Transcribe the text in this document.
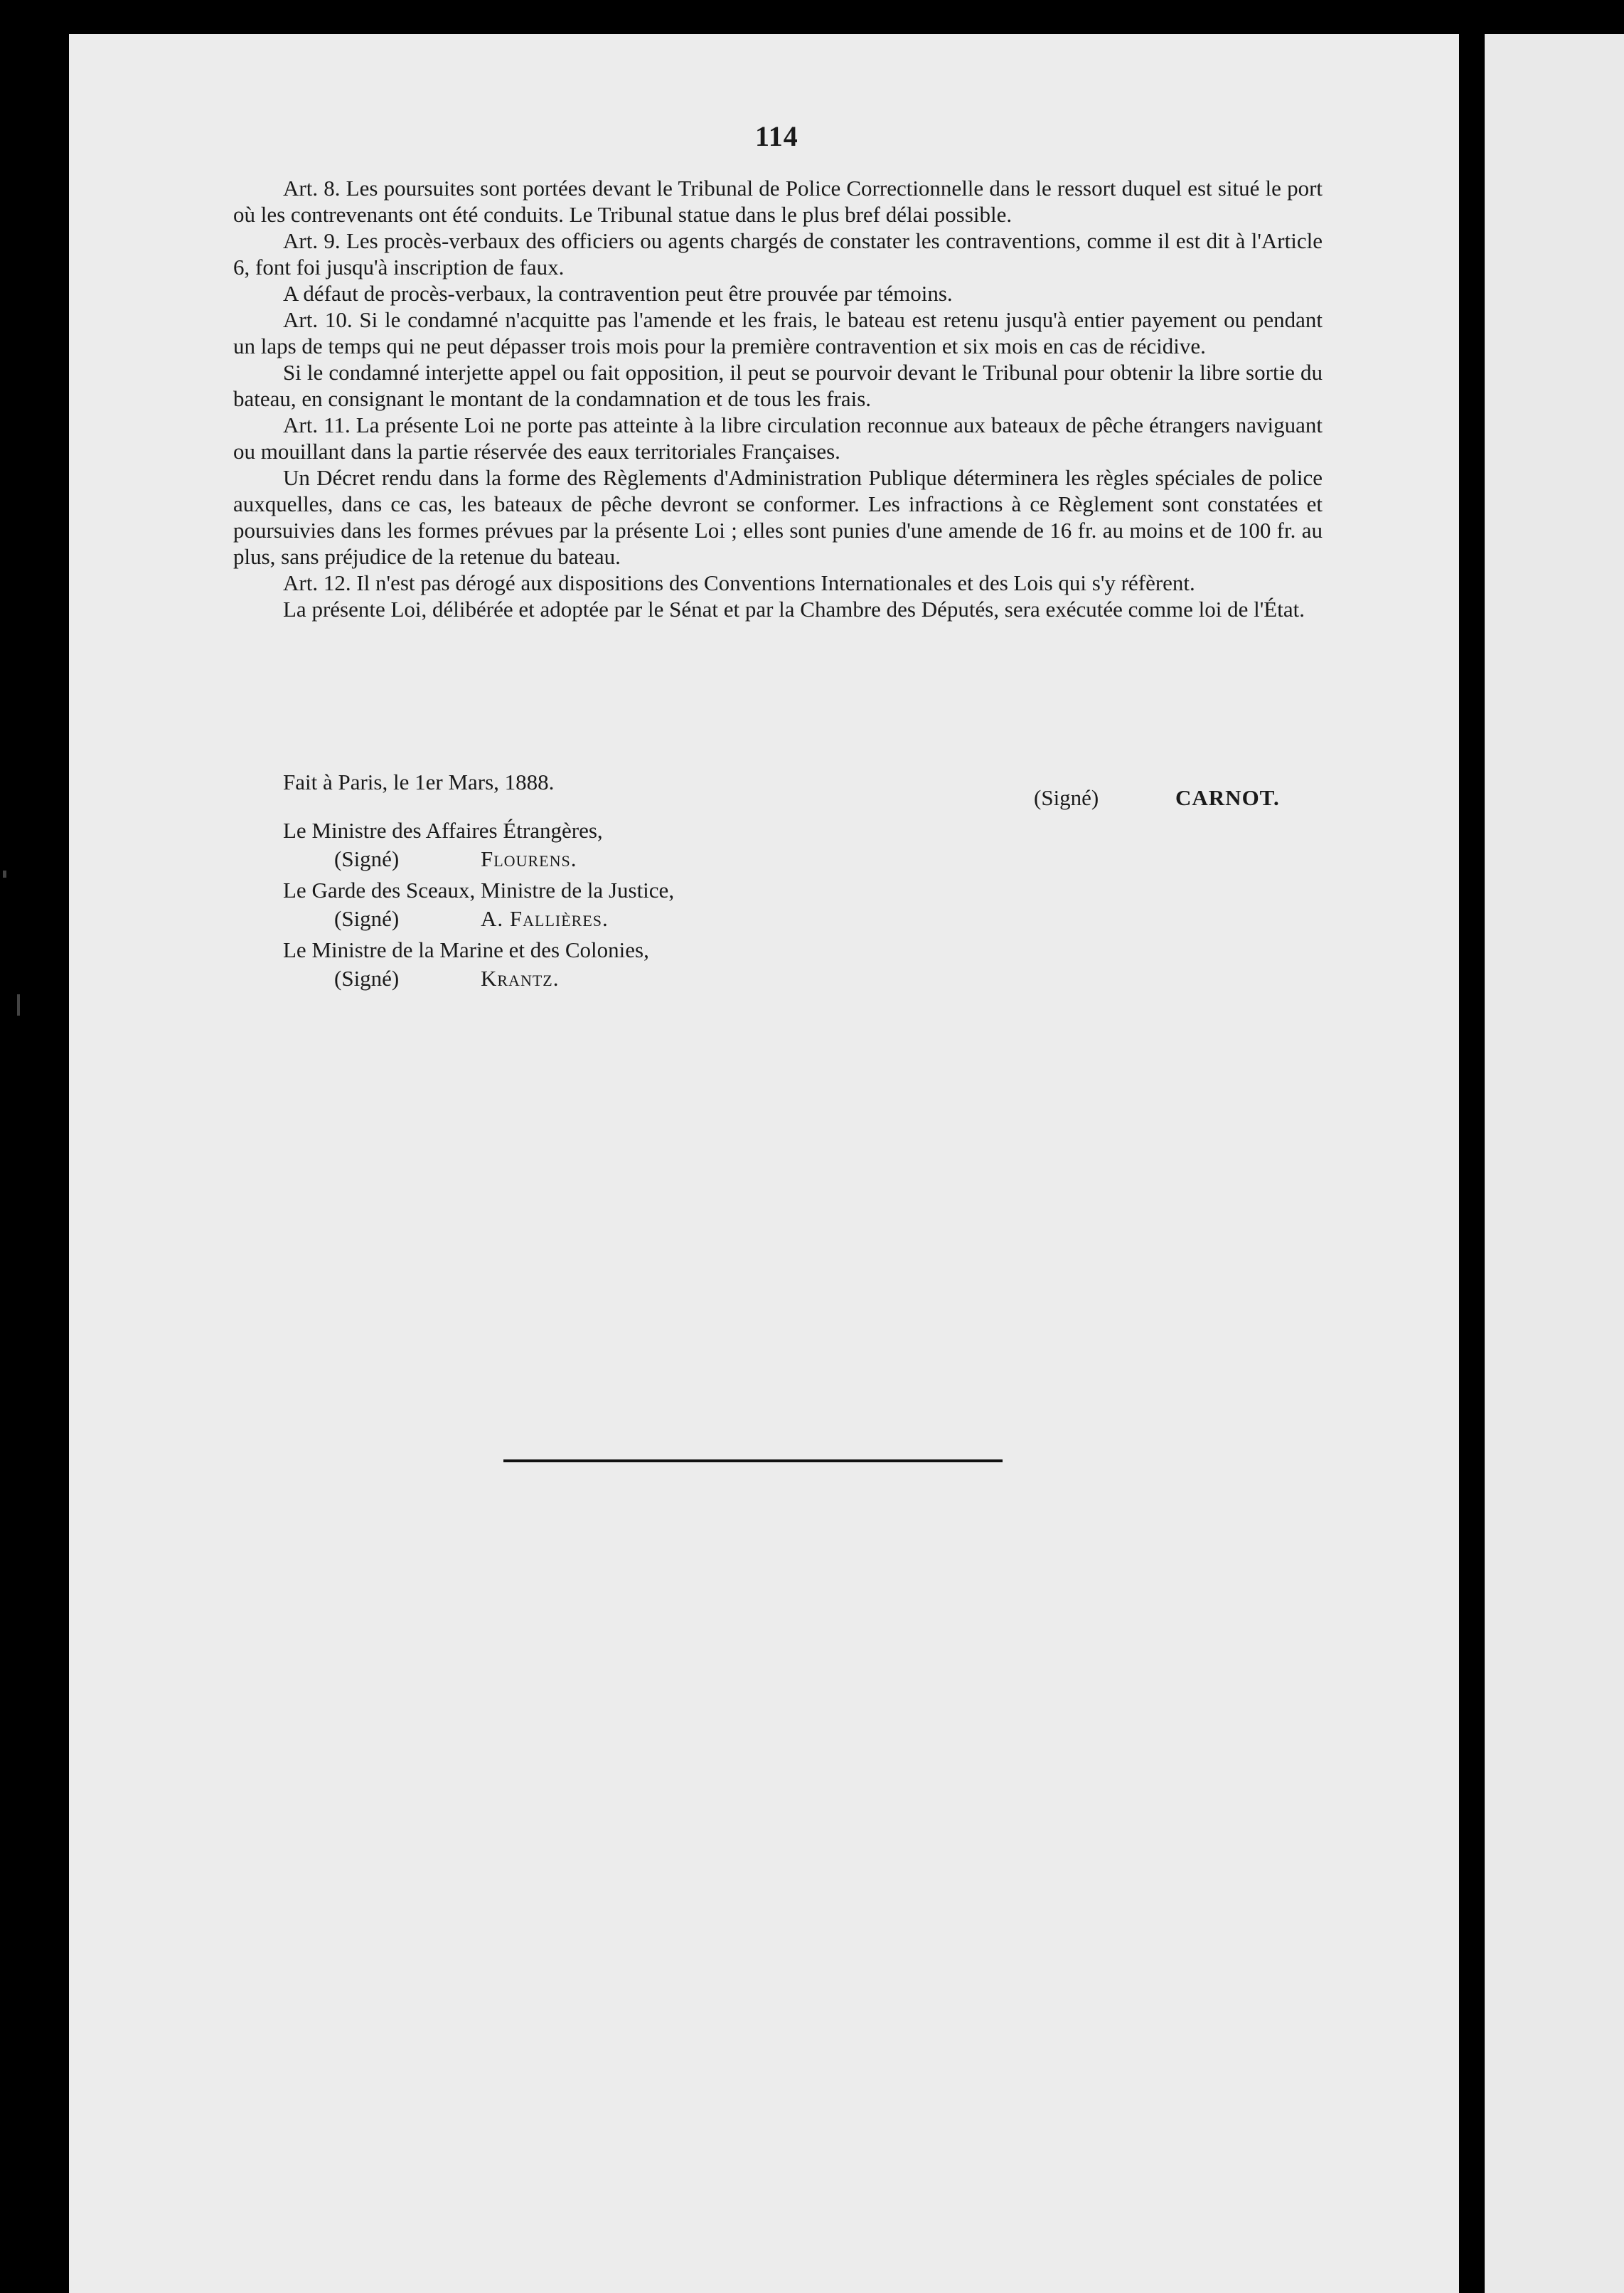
114

Art. 8. Les poursuites sont portées devant le Tribunal de Police Correctionnelle dans le ressort duquel est situé le port où les contrevenants ont été conduits. Le Tribunal statue dans le plus bref délai possible.

Art. 9. Les procès-verbaux des officiers ou agents chargés de constater les contraventions, comme il est dit à l'Article 6, font foi jusqu'à inscription de faux.

A défaut de procès-verbaux, la contravention peut être prouvée par témoins.

Art. 10. Si le condamné n'acquitte pas l'amende et les frais, le bateau est retenu jusqu'à entier payement ou pendant un laps de temps qui ne peut dépasser trois mois pour la première contravention et six mois en cas de récidive.

Si le condamné interjette appel ou fait opposition, il peut se pourvoir devant le Tribunal pour obtenir la libre sortie du bateau, en consignant le montant de la condamnation et de tous les frais.

Art. 11. La présente Loi ne porte pas atteinte à la libre circulation reconnue aux bateaux de pêche étrangers naviguant ou mouillant dans la partie réservée des eaux territoriales Françaises.

Un Décret rendu dans la forme des Règlements d'Administration Publique déterminera les règles spéciales de police auxquelles, dans ce cas, les bateaux de pêche devront se conformer. Les infractions à ce Règlement sont constatées et poursuivies dans les formes prévues par la présente Loi ; elles sont punies d'une amende de 16 fr. au moins et de 100 fr. au plus, sans préjudice de la retenue du bateau.

Art. 12. Il n'est pas dérogé aux dispositions des Conventions Internationales et des Lois qui s'y réfèrent.

La présente Loi, délibérée et adoptée par le Sénat et par la Chambre des Députés, sera exécutée comme loi de l'État.

Fait à Paris, le 1er Mars, 1888.
(Signé)	CARNOT.
Le Ministre des Affaires Étrangères,
(Signé)	Flourens.
Le Garde des Sceaux, Ministre de la Justice,
(Signé)	A. Fallières.
Le Ministre de la Marine et des Colonies,
(Signé)	Krantz.
